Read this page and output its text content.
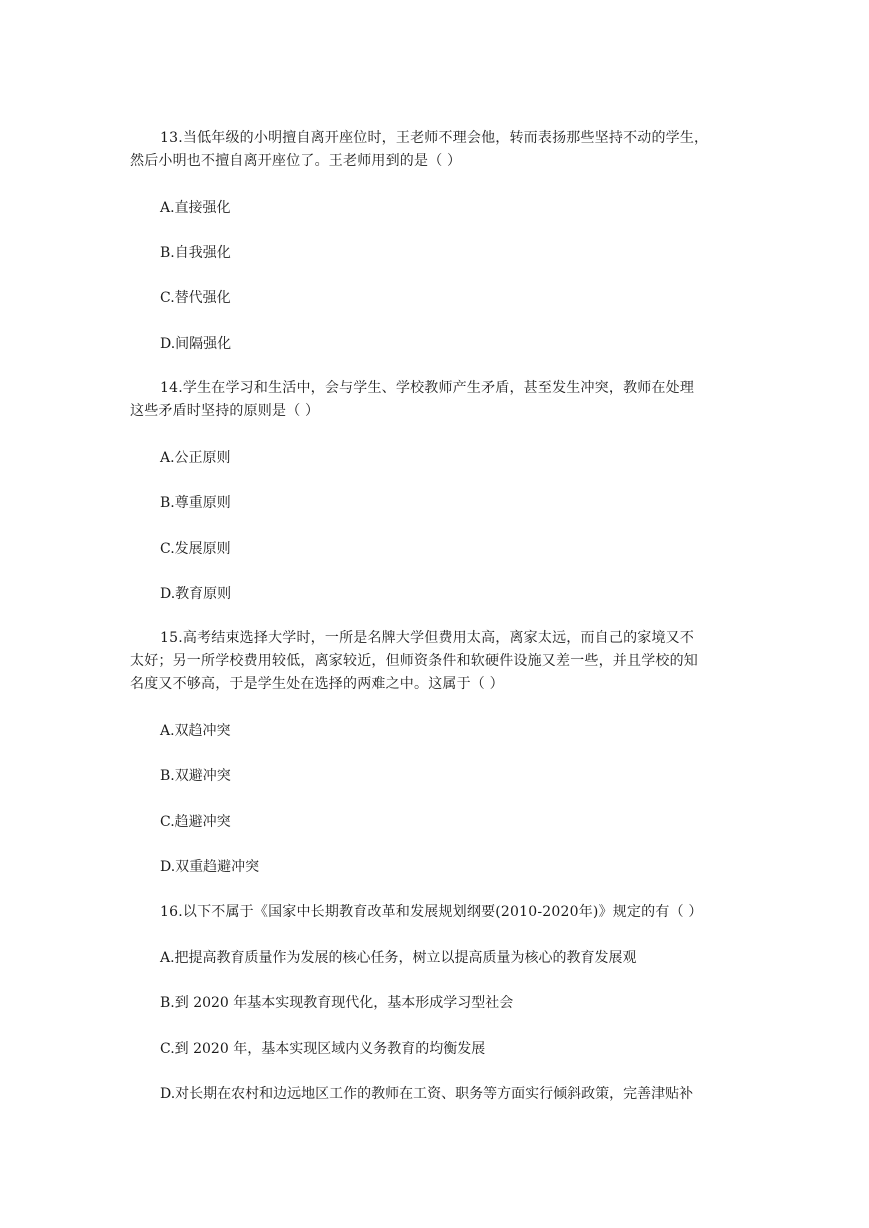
13.当低年级的小明擅自离开座位时，王老师不理会他，转而表扬那些坚持不动的学生，
然后小明也不擅自离开座位了。王老师用到的是（ ）
A.直接强化
B.自我强化
C.替代强化
D.间隔强化
14.学生在学习和生活中，会与学生、学校教师产生矛盾，甚至发生冲突，教师在处理
这些矛盾时坚持的原则是（ ）
A.公正原则
B.尊重原则
C.发展原则
D.教育原则
15.高考结束选择大学时，一所是名牌大学但费用太高，离家太远，而自己的家境又不
太好；另一所学校费用较低，离家较近，但师资条件和软硬件设施又差一些，并且学校的知
名度又不够高，于是学生处在选择的两难之中。这属于（ ）
A.双趋冲突
B.双避冲突
C.趋避冲突
D.双重趋避冲突
16.以下不属于《国家中长期教育改革和发展规划纲要(2010-2020年)》规定的有（ ）
A.把提高教育质量作为发展的核心任务，树立以提高质量为核心的教育发展观
B.到 2020 年基本实现教育现代化，基本形成学习型社会
C.到 2020 年，基本实现区域内义务教育的均衡发展
D.对长期在农村和边远地区工作的教师在工资、职务等方面实行倾斜政策，完善津贴补
